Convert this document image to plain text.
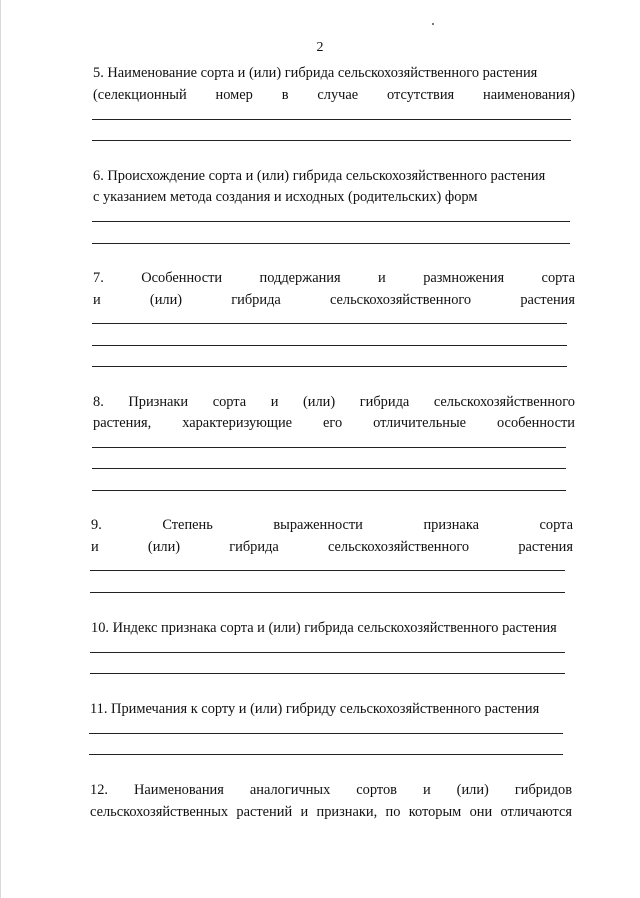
2
5. Наименование сорта и (или) гибрида сельскохозяйственного растения
(селекционный номер в случае отсутствия наименования)
6. Происхождение сорта и (или) гибрида сельскохозяйственного растения
с указанием метода создания и исходных (родительских) форм
7. Особенности поддержания и размножения сорта
и (или) гибрида сельскохозяйственного растения
8. Признаки сорта и (или) гибрида сельскохозяйственного
растения, характеризующие его отличительные особенности
9. Степень выраженности признака сорта
и (или) гибрида сельскохозяйственного растения
10. Индекс признака сорта и (или) гибрида сельскохозяйственного растения
11. Примечания к сорту и (или) гибриду сельскохозяйственного растения
12. Наименования аналогичных сортов и (или) гибридов
сельскохозяйственных растений и признаки, по которым они отличаются
